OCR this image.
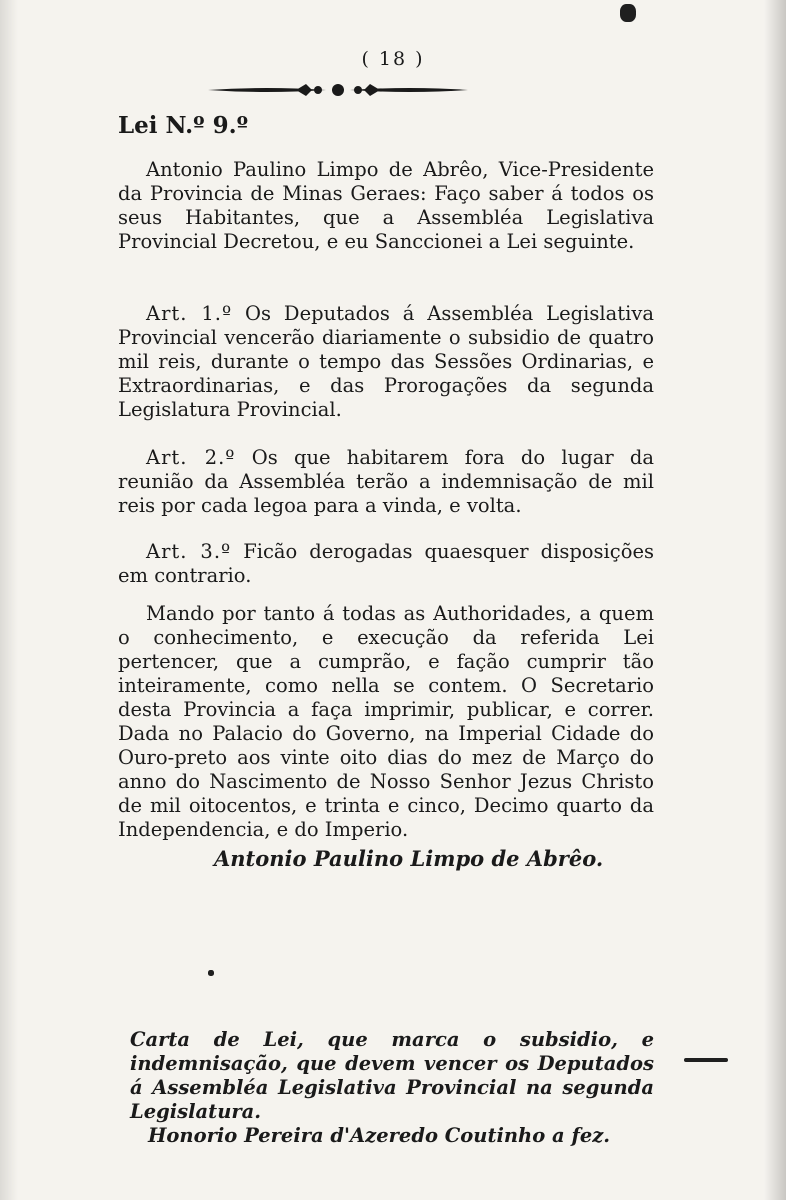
( 18 )
Lei N.º 9.º

Antonio Paulino Limpo de Abrêo, Vice-Presidente da Provincia de Minas Geraes: Faço saber á todos os seus Habitantes, que a Assembléa Legislativa Provincial Decretou, e eu Sanccionei a Lei seguinte.

Art. 1.º Os Deputados á Assembléa Legislativa Provincial vencerão diariamente o subsidio de quatro mil reis, durante o tempo das Sessões Ordinarias, e Extraordinarias, e das Prorogações da segunda Legislatura Provincial.

Art. 2.º Os que habitarem fora do lugar da reunião da Assembléa terão a indemnisação de mil reis por cada legoa para a vinda, e volta.

Art. 3.º Ficão derogadas quaesquer disposições em contrario.

Mando por tanto á todas as Authoridades, a quem o conhecimento, e execução da referida Lei pertencer, que a cumprão, e fação cumprir tão inteiramente, como nella se contem. O Secretario desta Provincia a faça imprimir, publicar, e correr. Dada no Palacio do Governo, na Imperial Cidade do Ouro-preto aos vinte oito dias do mez de Março do anno do Nascimento de Nosso Senhor Jezus Christo de mil oitocentos, e trinta e cinco, Decimo quarto da Independencia, e do Imperio.

Antonio Paulino Limpo de Abrêo.

Carta de Lei, que marca o subsidio, e indemnisação, que devem vencer os Deputados á Assembléa Legislativa Provincial na segunda Legislatura.

Honorio Pereira d'Azeredo Coutinho a fez.
